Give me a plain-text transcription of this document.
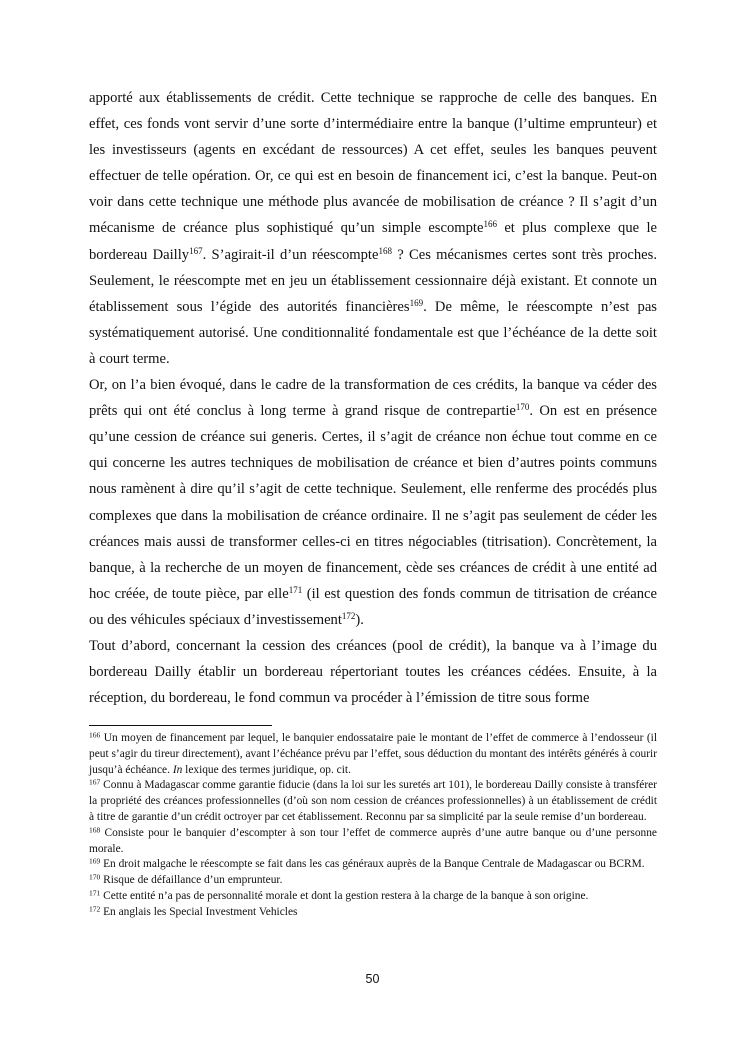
apporté aux établissements de crédit. Cette technique se rapproche de celle des banques. En effet, ces fonds vont servir d’une sorte d’intermédiaire entre la banque (l’ultime emprunteur) et les investisseurs (agents en excédant de ressources) A cet effet, seules les banques peuvent effectuer de telle opération. Or, ce qui est en besoin de financement ici, c’est la banque. Peut-on voir dans cette technique une méthode plus avancée de mobilisation de créance ? Il s’agit d’un mécanisme de créance plus sophistiqué qu’un simple escompte$^{166}$ et plus complexe que le bordereau Dailly$^{167}$. S’agirait-il d’un réescompte$^{168}$ ? Ces mécanismes certes sont très proches. Seulement, le réescompte met en jeu un établissement cessionnaire déjà existant. Et connote un établissement sous l’égide des autorités financières$^{169}$. De même, le réescompte n’est pas systématiquement autorisé. Une conditionnalité fondamentale est que l’échéance de la dette soit à court terme.

Or, on l’a bien évoqué, dans le cadre de la transformation de ces crédits, la banque va céder des prêts qui ont été conclus à long terme à grand risque de contrepartie$^{170}$. On est en présence qu’une cession de créance sui generis. Certes, il s’agit de créance non échue tout comme en ce qui concerne les autres techniques de mobilisation de créance et bien d’autres points communs nous ramènent à dire qu’il s’agit de cette technique. Seulement, elle renferme des procédés plus complexes que dans la mobilisation de créance ordinaire. Il ne s’agit pas seulement de céder les créances mais aussi de transformer celles-ci en titres négociables (titrisation). Concrètement, la banque, à la recherche de un moyen de financement, cède ses créances de crédit à une entité ad hoc créée, de toute pièce, par elle$^{171}$ (il est question des fonds commun de titrisation de créance ou des véhicules spéciaux d’investissement$^{172}$).

Tout d’abord, concernant la cession des créances (pool de crédit), la banque va à l’image du bordereau Dailly établir un bordereau répertoriant toutes les créances cédées. Ensuite, à la réception, du bordereau, le fond commun va procéder à l’émission de titre sous forme

$^{166}$ Un moyen de financement par lequel, le banquier endossataire paie le montant de l’effet de commerce à l’endosseur (il peut s’agir du tireur directement), avant l’échéance prévu par l’effet, sous déduction du montant des intérêts générés à courir jusqu’à échéance. In lexique des termes juridique, op. cit.

$^{167}$ Connu à Madagascar comme garantie fiducie (dans la loi sur les suretés art 101), le bordereau Dailly consiste à transférer la propriété des créances professionnelles (d’où son nom cession de créances professionnelles) à un établissement de crédit à titre de garantie d’un crédit octroyer par cet établissement. Reconnu par sa simplicité par la seule remise d’un bordereau.

$^{168}$ Consiste pour le banquier d’escompter à son tour l’effet de commerce auprès d’une autre banque ou d’une personne morale.

$^{169}$ En droit malgache le réescompte se fait dans les cas généraux auprès de la Banque Centrale de Madagascar ou BCRM.

$^{170}$ Risque de défaillance d’un emprunteur.

$^{171}$ Cette entité n’a pas de personnalité morale et dont la gestion restera à la charge de la banque à son origine.

$^{172}$ En anglais les Special Investment Vehicles

50
